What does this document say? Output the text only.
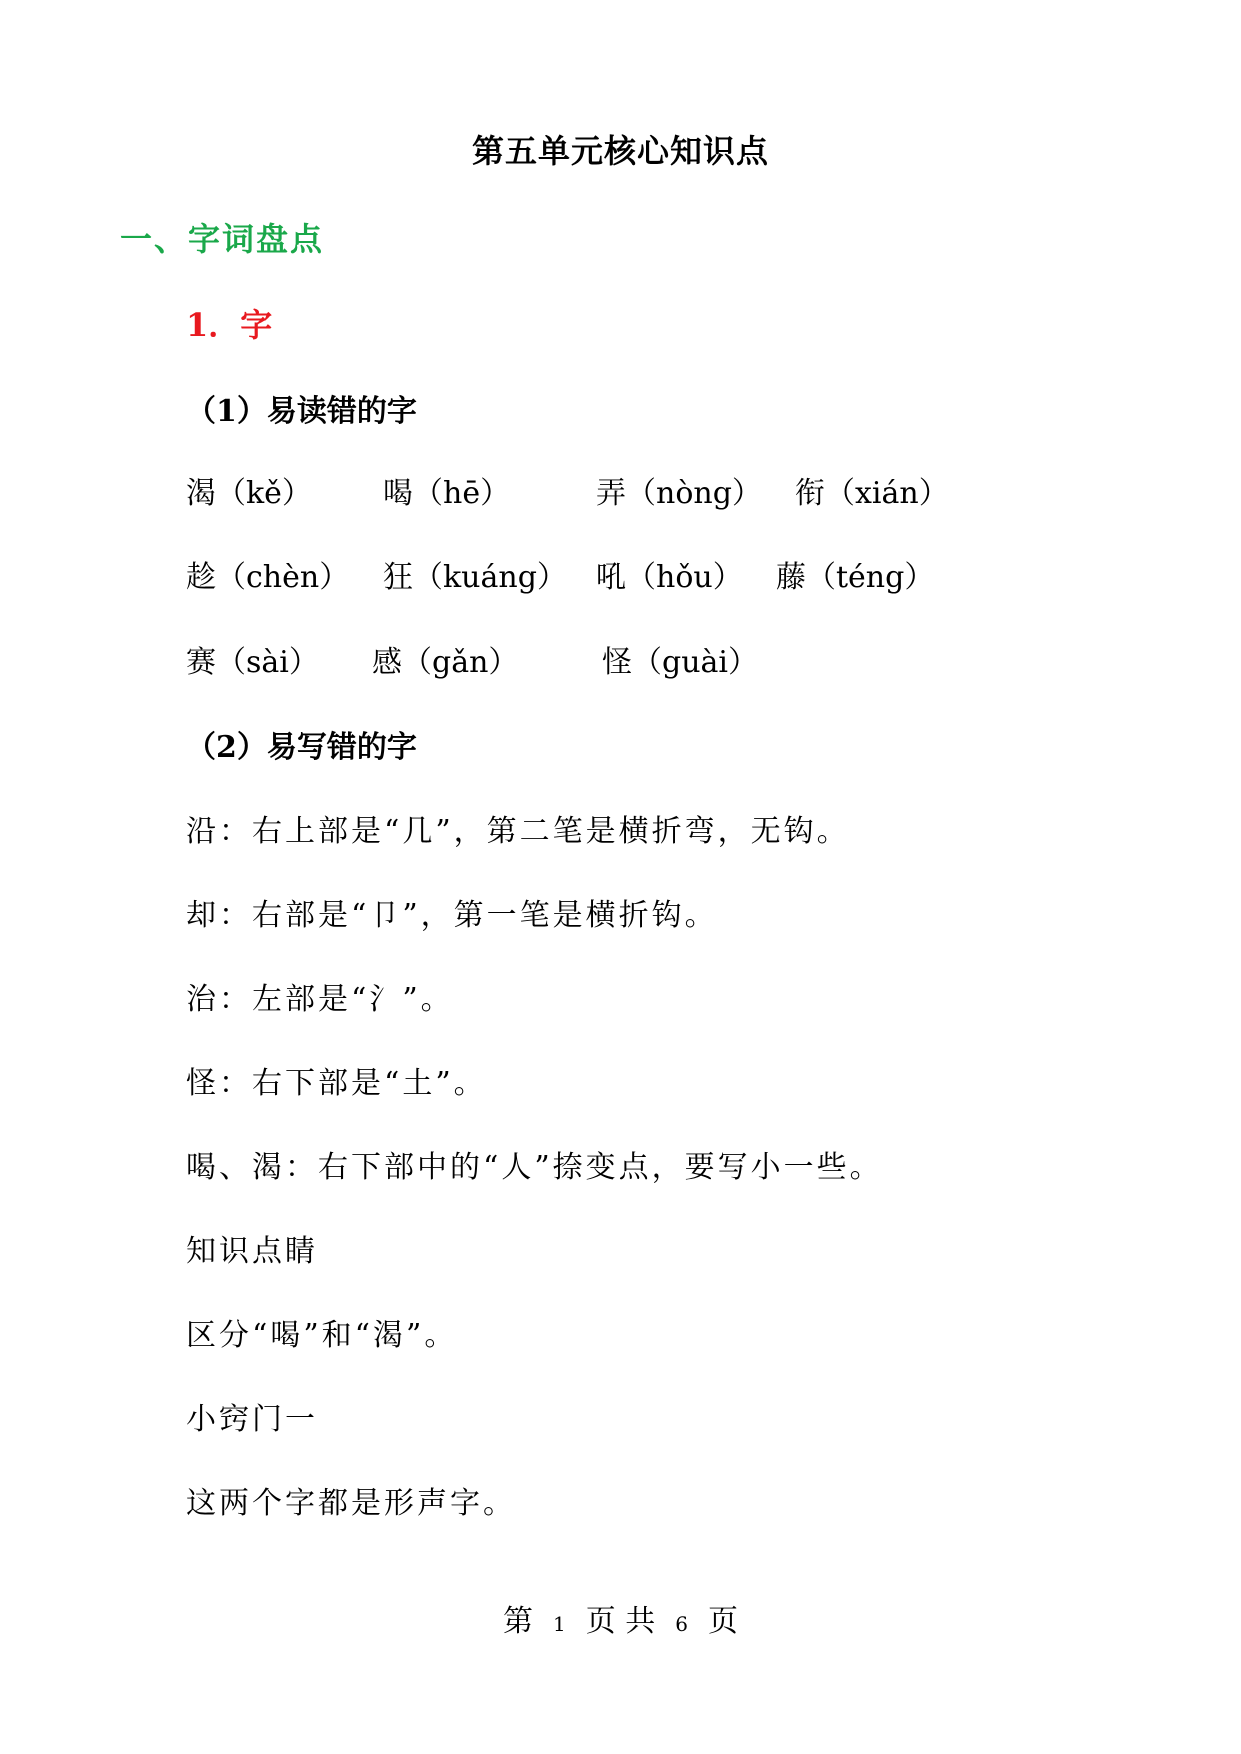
第五单元核心知识点
一、字词盘点
1．字
（1）易读错的字
渴（kě） 喝（hē）	弄（nòng） 衔（xián）
趁（chèn） 狂（kuáng） 吼（hǒu） 藤（téng）
赛（sài） 感（gǎn）	怪（guài）
（2）易写错的字

沿：右上部是“几”，第二笔是横折弯，无钩。

却：右部是“卩”，第一笔是横折钩。

治：左部是“氵”。

怪：右下部是“土”。

喝、渴：右下部中的“人”捺变点，要写小一些。

知识点睛

区分“喝”和“渴”。

小窍门一

这两个字都是形声字。

第 1 页 共 6 页
